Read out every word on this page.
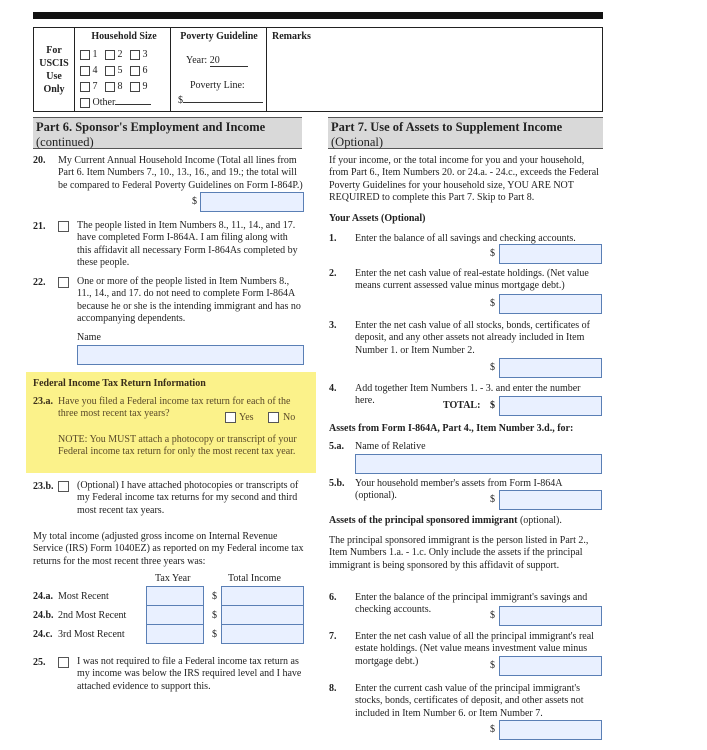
For USCIS Use Only
Household Size
1 2 3
4 5 6
7 8 9
Other
Poverty Guideline
Year: 20
Poverty Line:
$
Remarks
Part 6. Sponsor's Employment and Income
(continued)
20. My Current Annual Household Income (Total all lines from Part 6. Item Numbers 7., 10., 13., 16., and 19.; the total will be compared to Federal Poverty Guidelines on Form I-864P.)
$
21.	The people listed in Item Numbers 8., 11., 14., and 17. have completed Form I-864A. I am filing along with this affidavit all necessary Form I-864As completed by these people.
22.	One or more of the people listed in Item Numbers 8., 11., 14., and 17. do not need to complete Form I-864A because he or she is the intending immigrant and has no accompanying dependents.
Name
Federal Income Tax Return Information
23.a. Have you filed a Federal income tax return for each of the three most recent tax years?	Yes	No
NOTE: You MUST attach a photocopy or transcript of your Federal income tax return for only the most recent tax year.
23.b. (Optional) I have attached photocopies or transcripts of my Federal income tax returns for my second and third most recent tax years.
My total income (adjusted gross income on Internal Revenue Service (IRS) Form 1040EZ) as reported on my Federal income tax returns for the most recent three years was:
Tax Year	Total Income
24.a. Most Recent	$
24.b. 2nd Most Recent	$
24.c. 3rd Most Recent	$
25.	I was not required to file a Federal income tax return as my income was below the IRS required level and I have attached evidence to support this.
Part 7. Use of Assets to Supplement Income
(Optional)
If your income, or the total income for you and your household, from Part 6., Item Numbers 20. or 24.a. - 24.c., exceeds the Federal Poverty Guidelines for your household size, YOU ARE NOT REQUIRED to complete this Part 7. Skip to Part 8.
Your Assets (Optional)
1. Enter the balance of all savings and checking accounts.
$
2. Enter the net cash value of real-estate holdings. (Net value means current assessed value minus mortgage debt.)
$
3. Enter the net cash value of all stocks, bonds, certificates of deposit, and any other assets not already included in Item Number 1. or Item Number 2.
$
4. Add together Item Numbers 1. - 3. and enter the number here.	TOTAL: $
Assets from Form I-864A, Part 4., Item Number 3.d., for:
5.a. Name of Relative
5.b. Your household member's assets from Form I-864A (optional).	$
Assets of the principal sponsored immigrant (optional).
The principal sponsored immigrant is the person listed in Part 2., Item Numbers 1.a. - 1.c. Only include the assets if the principal immigrant is being sponsored by this affidavit of support.
6. Enter the balance of the principal immigrant's savings and checking accounts.
$
7. Enter the net cash value of all the principal immigrant's real estate holdings. (Net value means investment value minus mortgage debt.)	$
8. Enter the current cash value of the principal immigrant's stocks, bonds, certificates of deposit, and other assets not included in Item Number 6. or Item Number 7.
$
